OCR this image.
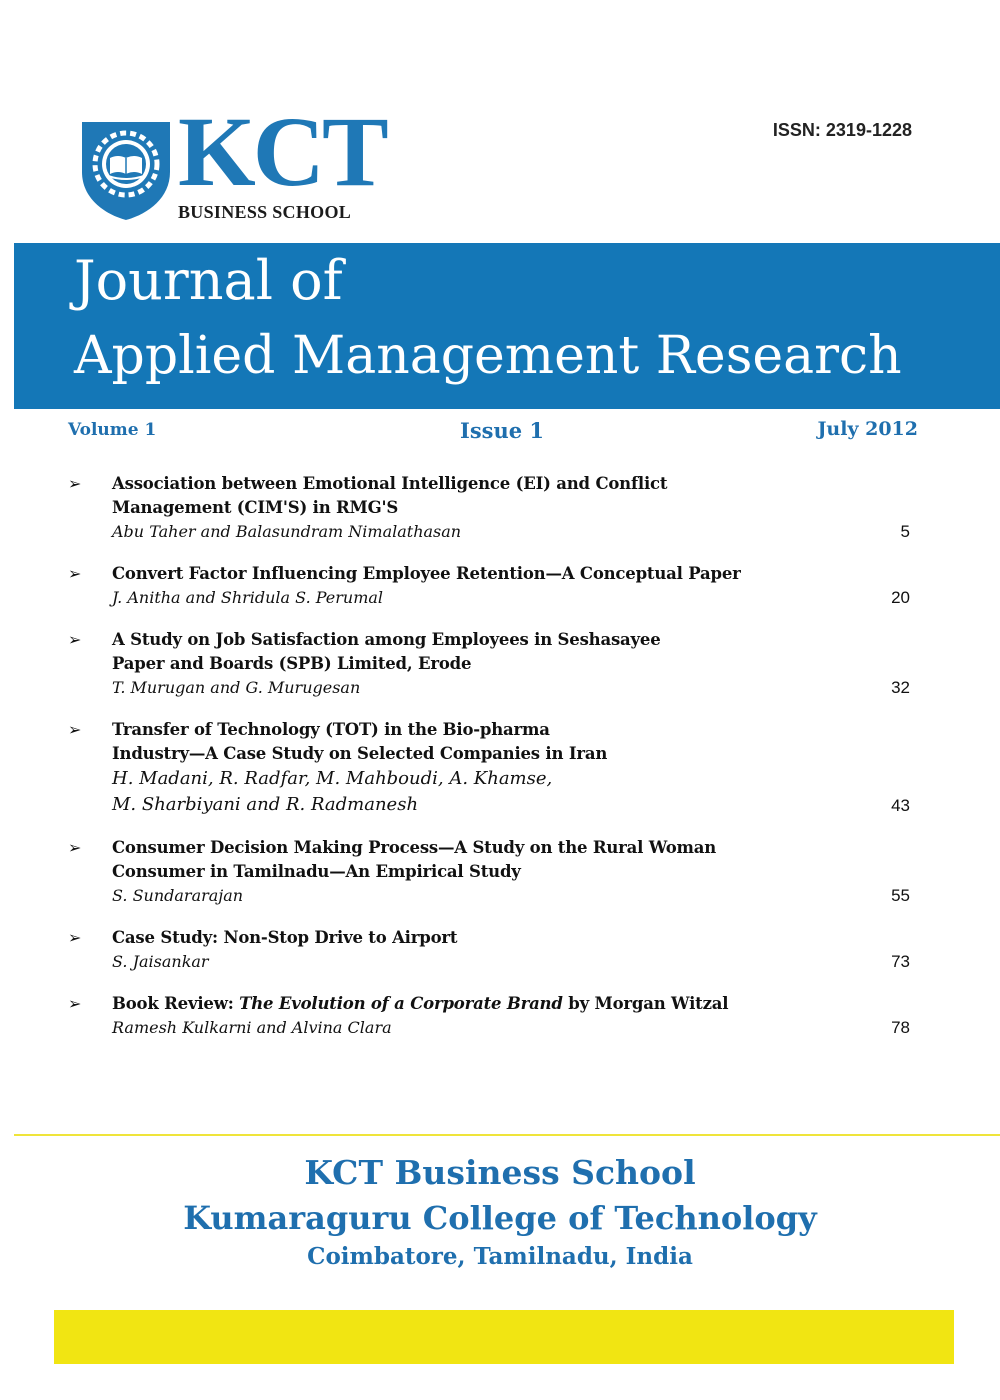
KCT
BUSINESS SCHOOL
ISSN: 2319-1228
Journal of
Applied Management Research
Volume 1	Issue 1	July 2012
➢ Association between Emotional Intelligence (EI) and Conflict
Management (CIM'S) in RMG'S
Abu Taher and Balasundram Nimalathasan	5
➢ Convert Factor Influencing Employee Retention—A Conceptual Paper
J. Anitha and Shridula S. Perumal	20
➢ A Study on Job Satisfaction among Employees in Seshasayee
Paper and Boards (SPB) Limited, Erode
T. Murugan and G. Murugesan	32
➢ Transfer of Technology (TOT) in the Bio-pharma
Industry—A Case Study on Selected Companies in Iran
H. Madani, R. Radfar, M. Mahboudi, A. Khamse,
M. Sharbiyani and R. Radmanesh	43
➢ Consumer Decision Making Process—A Study on the Rural Woman
Consumer in Tamilnadu—An Empirical Study
S. Sundararajan	55
➢ Case Study: Non-Stop Drive to Airport
S. Jaisankar	73
➢ Book Review: The Evolution of a Corporate Brand by Morgan Witzal
Ramesh Kulkarni and Alvina Clara	78
KCT Business School
Kumaraguru College of Technology
Coimbatore, Tamilnadu, India
